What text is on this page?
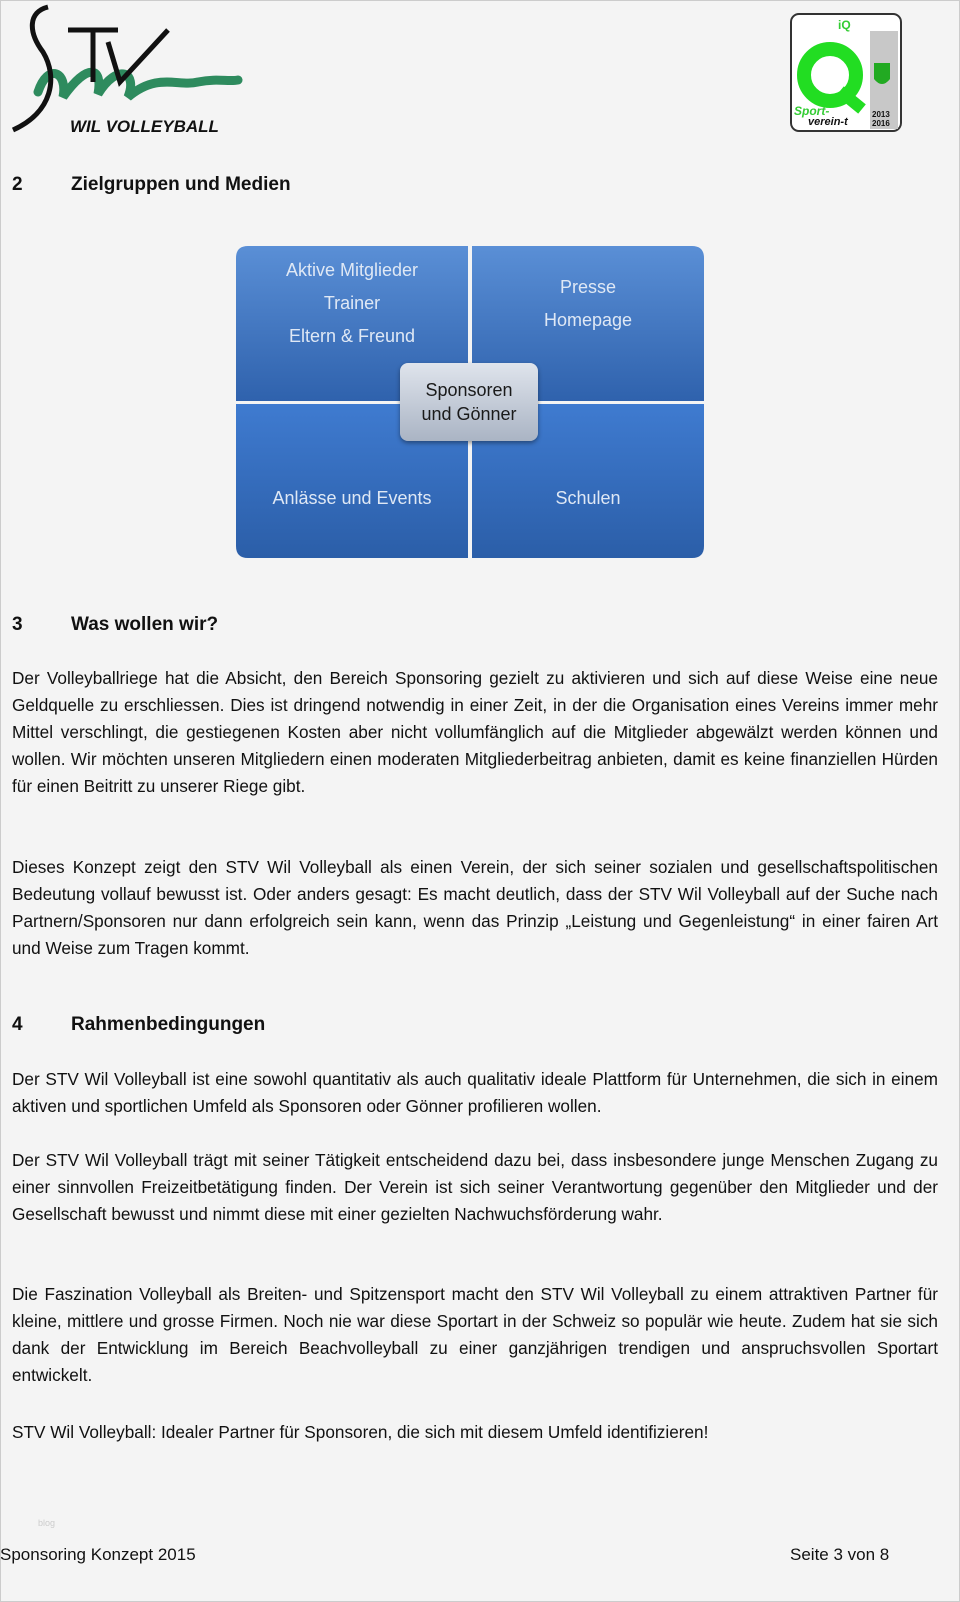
WIL VOLLEYBALL
iQ
Sport-
verein-t
2013
2016
2	Zielgruppen und Medien
Aktive Mitglieder
Trainer
Eltern & Freund
Presse
Homepage
Anlässe und Events	Schulen
Sponsoren
und Gönner
3	Was wollen wir?
Der Volleyballriege hat die Absicht, den Bereich Sponsoring gezielt zu aktivieren und sich auf diese Weise eine neue Geldquelle zu erschliessen. Dies ist dringend notwendig in einer Zeit, in der die Organisation eines Vereins immer mehr Mittel verschlingt, die gestiegenen Kosten aber nicht vollumfänglich auf die Mitglieder abgewälzt werden können und wollen. Wir möchten unseren Mitgliedern einen moderaten Mitgliederbeitrag anbieten, damit es keine finanziellen Hürden für einen Beitritt zu unserer Riege gibt.
Dieses Konzept zeigt den STV Wil Volleyball als einen Verein, der sich seiner sozialen und gesellschaftspolitischen Bedeutung vollauf bewusst ist. Oder anders gesagt: Es macht deutlich, dass der STV Wil Volleyball auf der Suche nach Partnern/Sponsoren nur dann erfolgreich sein kann, wenn das Prinzip „Leistung und Gegenleistung“ in einer fairen Art und Weise zum Tragen kommt.
4	Rahmenbedingungen
Der STV Wil Volleyball ist eine sowohl quantitativ als auch qualitativ ideale Plattform für Unternehmen, die sich in einem aktiven und sportlichen Umfeld als Sponsoren oder Gönner profilieren wollen.
Der STV Wil Volleyball trägt mit seiner Tätigkeit entscheidend dazu bei, dass insbesondere junge Menschen Zugang zu einer sinnvollen Freizeitbetätigung finden. Der Verein ist sich seiner Verantwortung gegenüber den Mitglieder und der Gesellschaft bewusst und nimmt diese mit einer gezielten Nachwuchsförderung wahr.
Die Faszination Volleyball als Breiten- und Spitzensport macht den STV Wil Volleyball zu einem attraktiven Partner für kleine, mittlere und grosse Firmen. Noch nie war diese Sportart in der Schweiz so populär wie heute. Zudem hat sie sich dank der Entwicklung im Bereich Beachvolleyball zu einer ganzjährigen trendigen und anspruchsvollen Sportart entwickelt.
STV Wil Volleyball: Idealer Partner für Sponsoren, die sich mit diesem Umfeld identifizieren!
blog
Sponsoring Konzept 2015	Seite 3 von 8
